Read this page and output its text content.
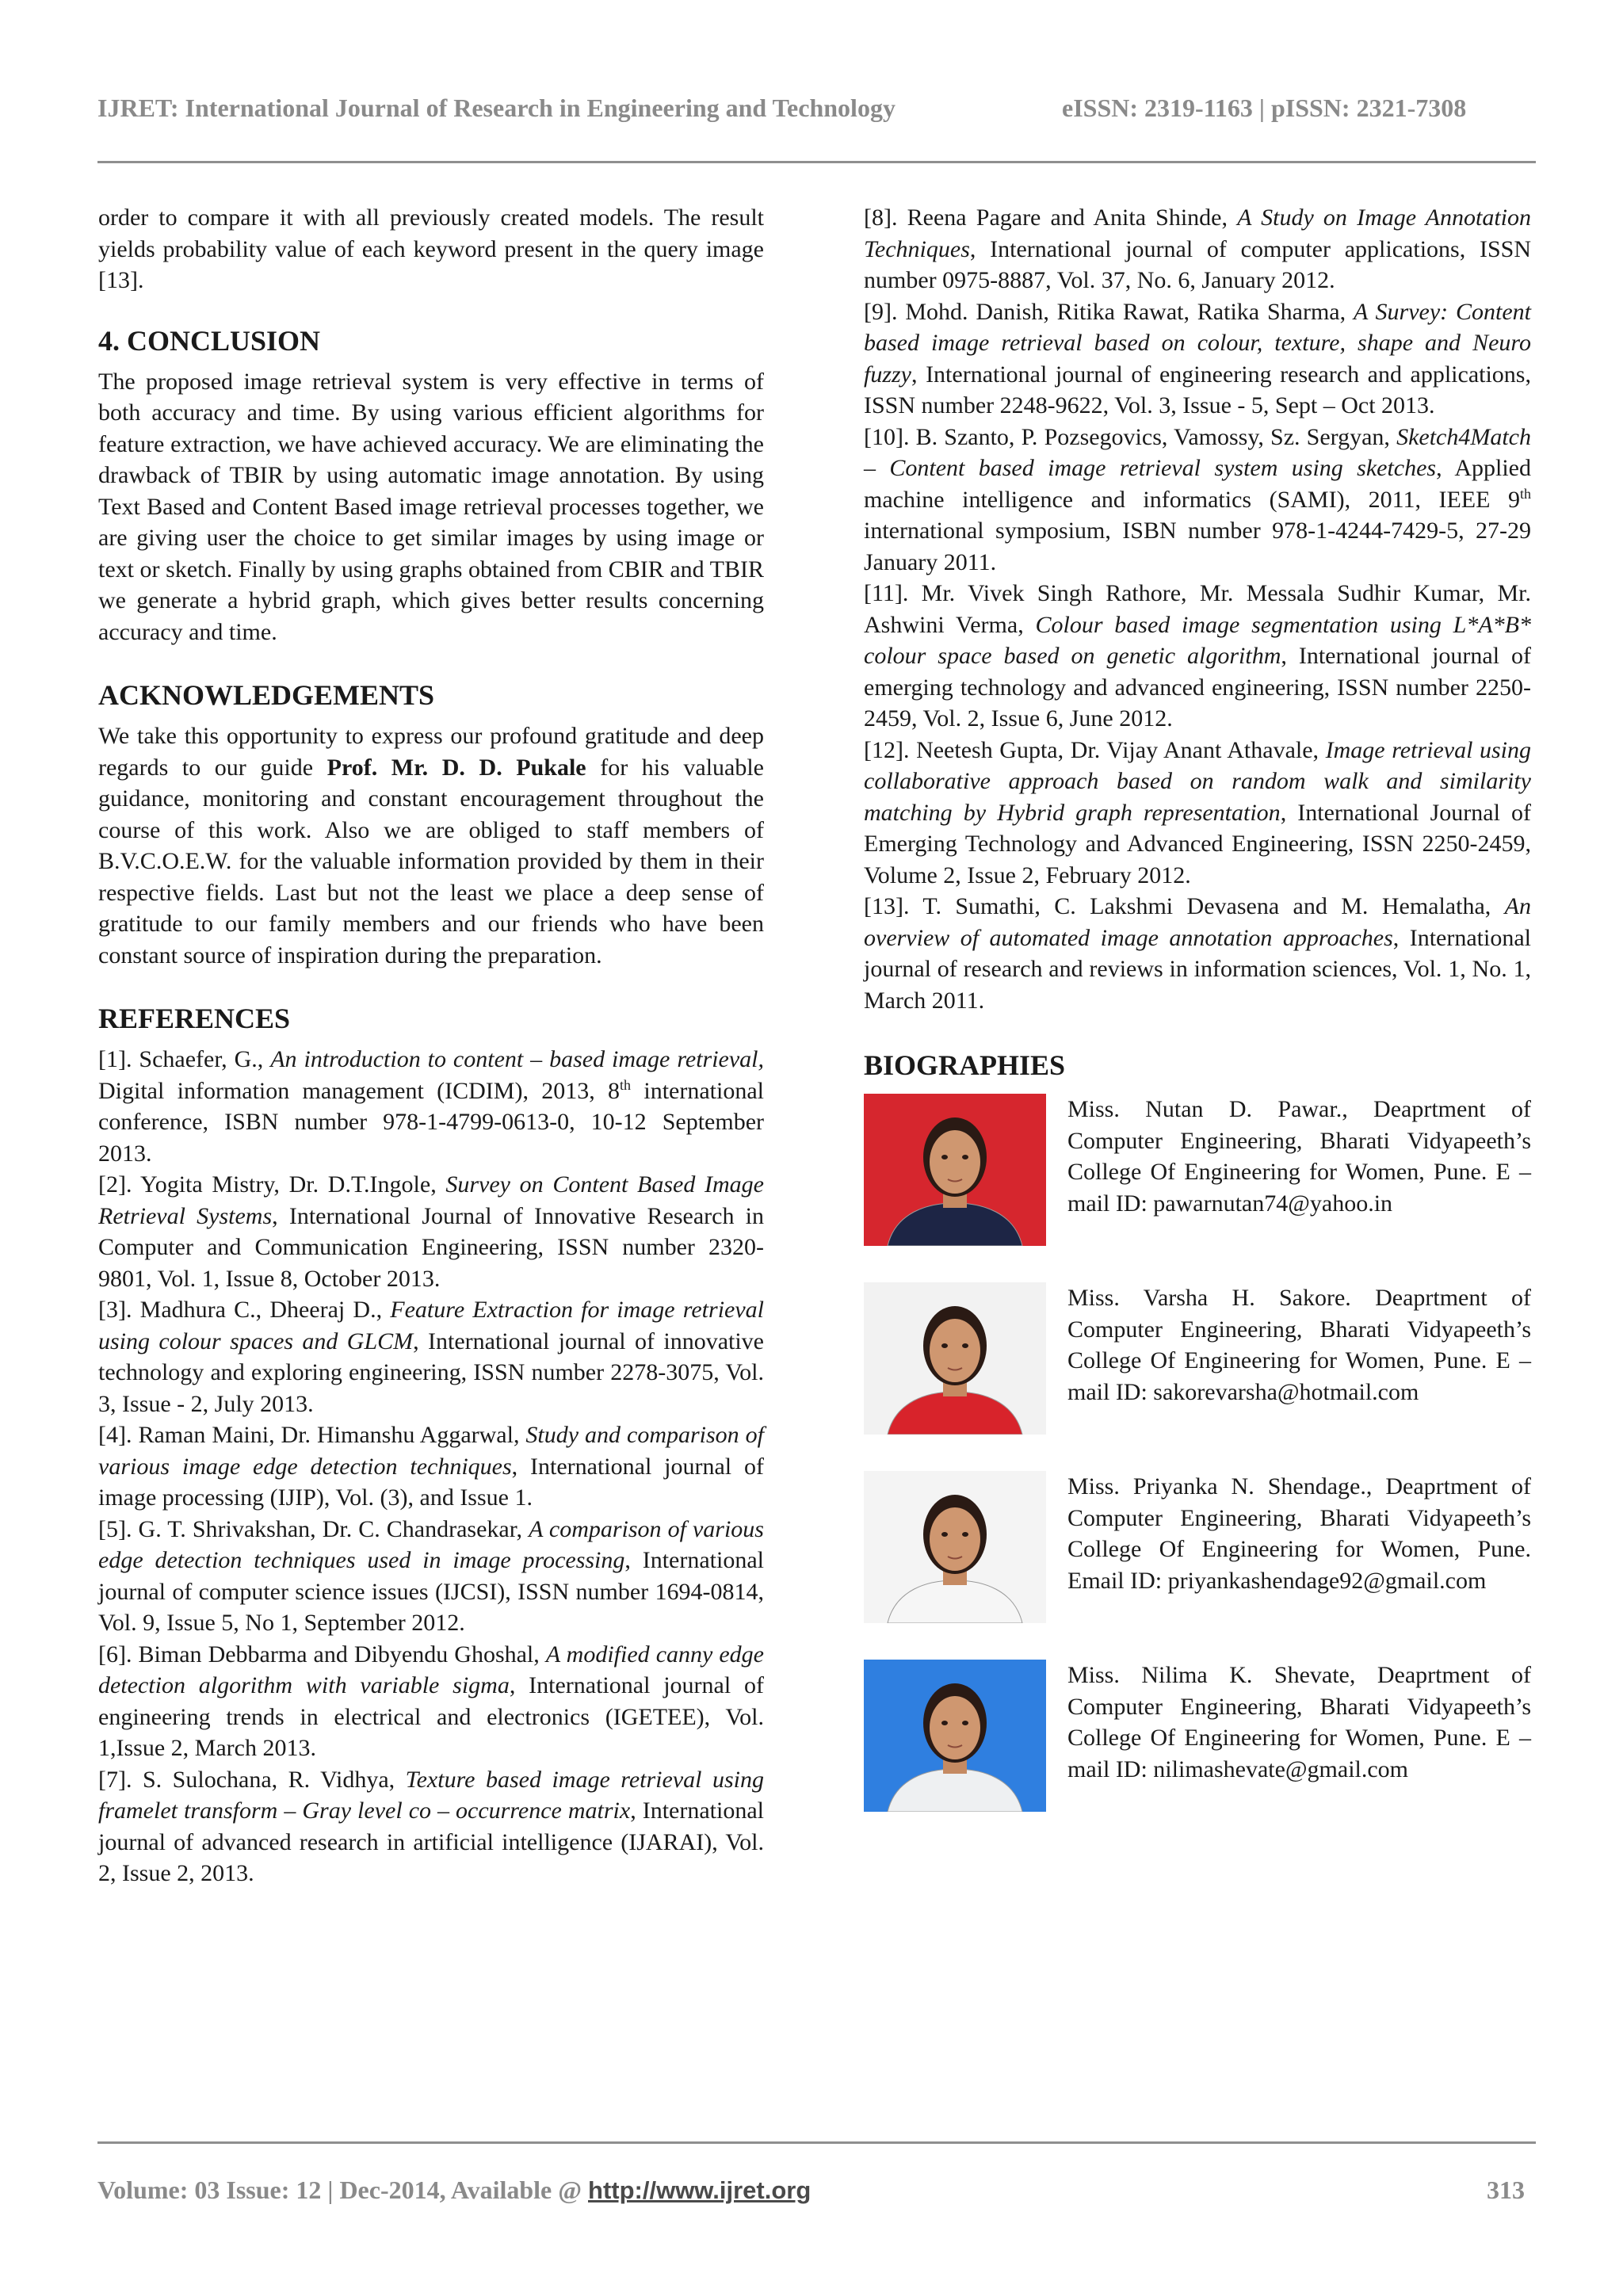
IJRET: International Journal of Research in Engineering and Technology	eISSN: 2319-1163 | pISSN: 2321-7308

order to compare it with all previously created models. The result yields probability value of each keyword present in the query image [13].

4. CONCLUSION

The proposed image retrieval system is very effective in terms of both accuracy and time. By using various efficient algorithms for feature extraction, we have achieved accuracy. We are eliminating the drawback of TBIR by using automatic image annotation. By using Text Based and Content Based image retrieval processes together, we are giving user the choice to get similar images by using image or text or sketch. Finally by using graphs obtained from CBIR and TBIR we generate a hybrid graph, which gives better results concerning accuracy and time.

ACKNOWLEDGEMENTS

We take this opportunity to express our profound gratitude and deep regards to our guide Prof. Mr. D. D. Pukale for his valuable guidance, monitoring and constant encouragement throughout the course of this work. Also we are obliged to staff members of B.V.C.O.E.W. for the valuable information provided by them in their respective fields. Last but not the least we place a deep sense of gratitude to our family members and our friends who have been constant source of inspiration during the preparation.

REFERENCES

[1]. Schaefer, G., An introduction to content – based image retrieval, Digital information management (ICDIM), 2013, 8th international conference, ISBN number 978-1-4799-0613-0, 10-12 September 2013.

[2]. Yogita Mistry, Dr. D.T.Ingole, Survey on Content Based Image Retrieval Systems, International Journal of Innovative Research in Computer and Communication Engineering, ISSN number 2320-9801, Vol. 1, Issue 8, October 2013.

[3]. Madhura C., Dheeraj D., Feature Extraction for image retrieval using colour spaces and GLCM, International journal of innovative technology and exploring engineering, ISSN number 2278-3075, Vol. 3, Issue - 2, July 2013.

[4]. Raman Maini, Dr. Himanshu Aggarwal, Study and comparison of various image edge detection techniques, International journal of image processing (IJIP), Vol. (3), and Issue 1.

[5]. G. T. Shrivakshan, Dr. C. Chandrasekar, A comparison of various edge detection techniques used in image processing, International journal of computer science issues (IJCSI), ISSN number 1694-0814, Vol. 9, Issue 5, No 1, September 2012.

[6]. Biman Debbarma and Dibyendu Ghoshal, A modified canny edge detection algorithm with variable sigma, International journal of engineering trends in electrical and electronics (IGETEE), Vol. 1,Issue 2, March 2013.

[7]. S. Sulochana, R. Vidhya, Texture based image retrieval using framelet transform – Gray level co – occurrence matrix, International journal of advanced research in artificial intelligence (IJARAI), Vol. 2, Issue 2, 2013.

[8]. Reena Pagare and Anita Shinde, A Study on Image Annotation Techniques, International journal of computer applications, ISSN number 0975-8887, Vol. 37, No. 6, January 2012.

[9]. Mohd. Danish, Ritika Rawat, Ratika Sharma, A Survey: Content based image retrieval based on colour, texture, shape and Neuro fuzzy, International journal of engineering research and applications, ISSN number 2248-9622, Vol. 3, Issue - 5, Sept – Oct 2013.

[10]. B. Szanto, P. Pozsegovics, Vamossy, Sz. Sergyan, Sketch4Match – Content based image retrieval system using sketches, Applied machine intelligence and informatics (SAMI), 2011, IEEE 9th international symposium, ISBN number 978-1-4244-7429-5, 27-29 January 2011.

[11]. Mr. Vivek Singh Rathore, Mr. Messala Sudhir Kumar, Mr. Ashwini Verma, Colour based image segmentation using L*A*B* colour space based on genetic algorithm, International journal of emerging technology and advanced engineering, ISSN number 2250-2459, Vol. 2, Issue 6, June 2012.

[12]. Neetesh Gupta, Dr. Vijay Anant Athavale, Image retrieval using collaborative approach based on random walk and similarity matching by Hybrid graph representation, International Journal of Emerging Technology and Advanced Engineering, ISSN 2250-2459, Volume 2, Issue 2, February 2012.

[13]. T. Sumathi, C. Lakshmi Devasena and M. Hemalatha, An overview of automated image annotation approaches, International journal of research and reviews in information sciences, Vol. 1, No. 1, March 2011.

BIOGRAPHIES

Miss. Nutan D. Pawar., Deaprtment of Computer Engineering, Bharati Vidyapeeth’s College Of Engineering for Women, Pune. E – mail ID: pawarnutan74@yahoo.in

Miss. Varsha H. Sakore. Deaprtment of Computer Engineering, Bharati Vidyapeeth’s College Of Engineering for Women, Pune. E – mail ID: sakorevarsha@hotmail.com

Miss. Priyanka N. Shendage., Deaprtment of Computer Engineering, Bharati Vidyapeeth’s College Of Engineering for Women, Pune. Email ID: priyankashendage92@gmail.com

Miss. Nilima K. Shevate, Deaprtment of Computer Engineering, Bharati Vidyapeeth’s College Of Engineering for Women, Pune. E – mail ID: nilimashevate@gmail.com

Volume: 03 Issue: 12 | Dec-2014, Available @ http://www.ijret.org	313
